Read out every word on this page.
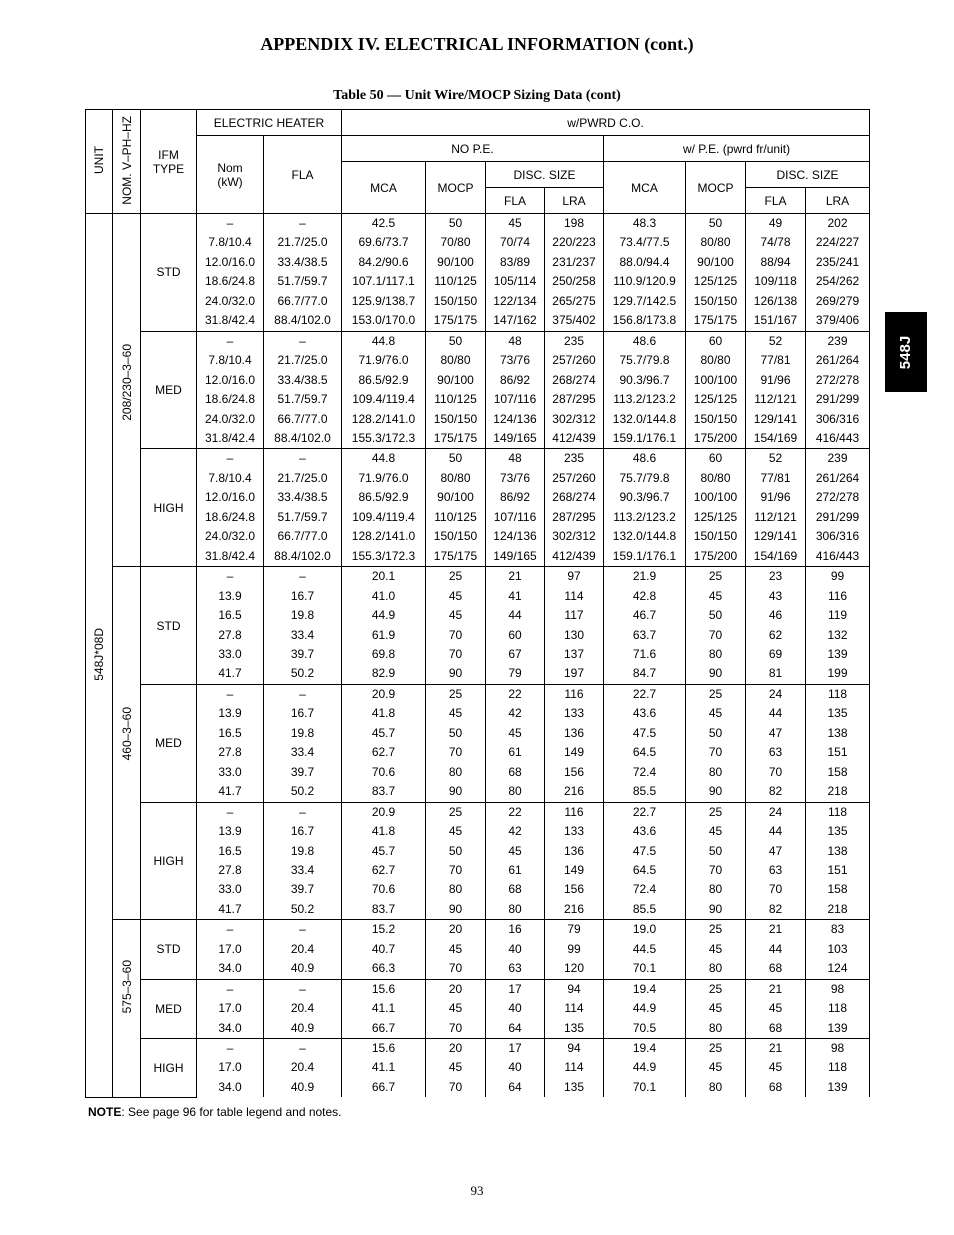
APPENDIX IV. ELECTRICAL INFORMATION (cont.)
Table 50 — Unit Wire/MOCP Sizing Data (cont)
UNIT	NOM. V–PH–HZ	IFM TYPE	ELECTRIC HEATER		w/PWRD C.O.							
			Nom (kW)	FLA	NO P.E.				w/ P.E. (pwrd fr/unit)			
					MCA	MOCP	DISC. SIZE		MCA	MOCP	DISC. SIZE	
							FLA	LRA			FLA	LRA
548J*08D	208/230–3–60	STD	–	–	42.5	50	45	198	48.3	50	49	202
			7.8/10.4	21.7/25.0	69.6/73.7	70/80	70/74	220/223	73.4/77.5	80/80	74/78	224/227
			12.0/16.0	33.4/38.5	84.2/90.6	90/100	83/89	231/237	88.0/94.4	90/100	88/94	235/241
			18.6/24.8	51.7/59.7	107.1/117.1	110/125	105/114	250/258	110.9/120.9	125/125	109/118	254/262
			24.0/32.0	66.7/77.0	125.9/138.7	150/150	122/134	265/275	129.7/142.5	150/150	126/138	269/279
			31.8/42.4	88.4/102.0	153.0/170.0	175/175	147/162	375/402	156.8/173.8	175/175	151/167	379/406
		MED	–	–	44.8	50	48	235	48.6	60	52	239
			7.8/10.4	21.7/25.0	71.9/76.0	80/80	73/76	257/260	75.7/79.8	80/80	77/81	261/264
			12.0/16.0	33.4/38.5	86.5/92.9	90/100	86/92	268/274	90.3/96.7	100/100	91/96	272/278
			18.6/24.8	51.7/59.7	109.4/119.4	110/125	107/116	287/295	113.2/123.2	125/125	112/121	291/299
			24.0/32.0	66.7/77.0	128.2/141.0	150/150	124/136	302/312	132.0/144.8	150/150	129/141	306/316
			31.8/42.4	88.4/102.0	155.3/172.3	175/175	149/165	412/439	159.1/176.1	175/200	154/169	416/443
		HIGH	–	–	44.8	50	48	235	48.6	60	52	239
			7.8/10.4	21.7/25.0	71.9/76.0	80/80	73/76	257/260	75.7/79.8	80/80	77/81	261/264
			12.0/16.0	33.4/38.5	86.5/92.9	90/100	86/92	268/274	90.3/96.7	100/100	91/96	272/278
			18.6/24.8	51.7/59.7	109.4/119.4	110/125	107/116	287/295	113.2/123.2	125/125	112/121	291/299
			24.0/32.0	66.7/77.0	128.2/141.0	150/150	124/136	302/312	132.0/144.8	150/150	129/141	306/316
			31.8/42.4	88.4/102.0	155.3/172.3	175/175	149/165	412/439	159.1/176.1	175/200	154/169	416/443
	460–3–60	STD	–	–	20.1	25	21	97	21.9	25	23	99
			13.9	16.7	41.0	45	41	114	42.8	45	43	116
			16.5	19.8	44.9	45	44	117	46.7	50	46	119
			27.8	33.4	61.9	70	60	130	63.7	70	62	132
			33.0	39.7	69.8	70	67	137	71.6	80	69	139
			41.7	50.2	82.9	90	79	197	84.7	90	81	199
		MED	–	–	20.9	25	22	116	22.7	25	24	118
			13.9	16.7	41.8	45	42	133	43.6	45	44	135
			16.5	19.8	45.7	50	45	136	47.5	50	47	138
			27.8	33.4	62.7	70	61	149	64.5	70	63	151
			33.0	39.7	70.6	80	68	156	72.4	80	70	158
			41.7	50.2	83.7	90	80	216	85.5	90	82	218
		HIGH	–	–	20.9	25	22	116	22.7	25	24	118
			13.9	16.7	41.8	45	42	133	43.6	45	44	135
			16.5	19.8	45.7	50	45	136	47.5	50	47	138
			27.8	33.4	62.7	70	61	149	64.5	70	63	151
			33.0	39.7	70.6	80	68	156	72.4	80	70	158
			41.7	50.2	83.7	90	80	216	85.5	90	82	218
	575–3–60	STD	–	–	15.2	20	16	79	19.0	25	21	83
			17.0	20.4	40.7	45	40	99	44.5	45	44	103
			34.0	40.9	66.3	70	63	120	70.1	80	68	124
		MED	–	–	15.6	20	17	94	19.4	25	21	98
			17.0	20.4	41.1	45	40	114	44.9	45	45	118
			34.0	40.9	66.7	70	64	135	70.5	80	68	139
		HIGH	–	–	15.6	20	17	94	19.4	25	21	98
			17.0	20.4	41.1	45	40	114	44.9	45	45	118
			34.0	40.9	66.7	70	64	135	70.1	80	68	139
548J
NOTE: See page 96 for table legend and notes.
93
